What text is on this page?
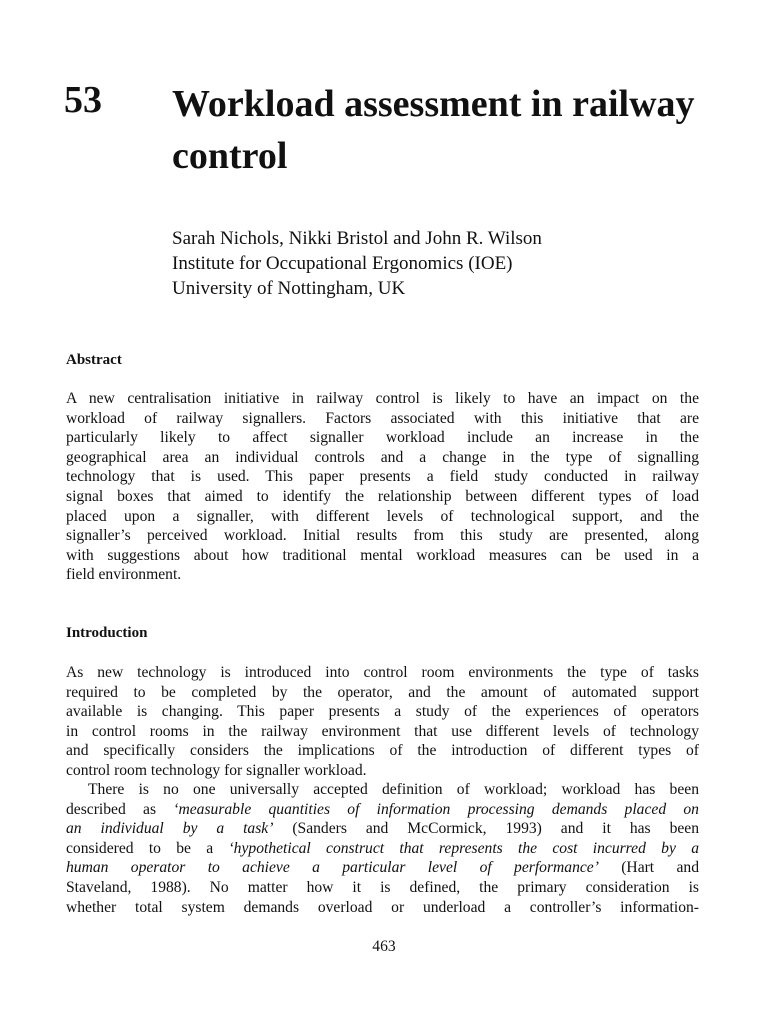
53 Workload assessment in railway control
Sarah Nichols, Nikki Bristol and John R. Wilson
Institute for Occupational Ergonomics (IOE)
University of Nottingham, UK
Abstract
A new centralisation initiative in railway control is likely to have an impact on the
workload of railway signallers. Factors associated with this initiative that are
particularly likely to affect signaller workload include an increase in the
geographical area an individual controls and a change in the type of signalling
technology that is used. This paper presents a field study conducted in railway
signal boxes that aimed to identify the relationship between different types of load
placed upon a signaller, with different levels of technological support, and the
signaller’s perceived workload. Initial results from this study are presented, along
with suggestions about how traditional mental workload measures can be used in a
field environment.
Introduction
As new technology is introduced into control room environments the type of tasks
required to be completed by the operator, and the amount of automated support
available is changing. This paper presents a study of the experiences of operators
in control rooms in the railway environment that use different levels of technology
and specifically considers the implications of the introduction of different types of
control room technology for signaller workload.
There is no one universally accepted definition of workload; workload has been
described as ‘measurable quantities of information processing demands placed on
an individual by a task’ (Sanders and McCormick, 1993) and it has been
considered to be a ‘hypothetical construct that represents the cost incurred by a
human operator to achieve a particular level of performance’ (Hart and
Staveland, 1988). No matter how it is defined, the primary consideration is
whether total system demands overload or underload a controller’s information-
463
